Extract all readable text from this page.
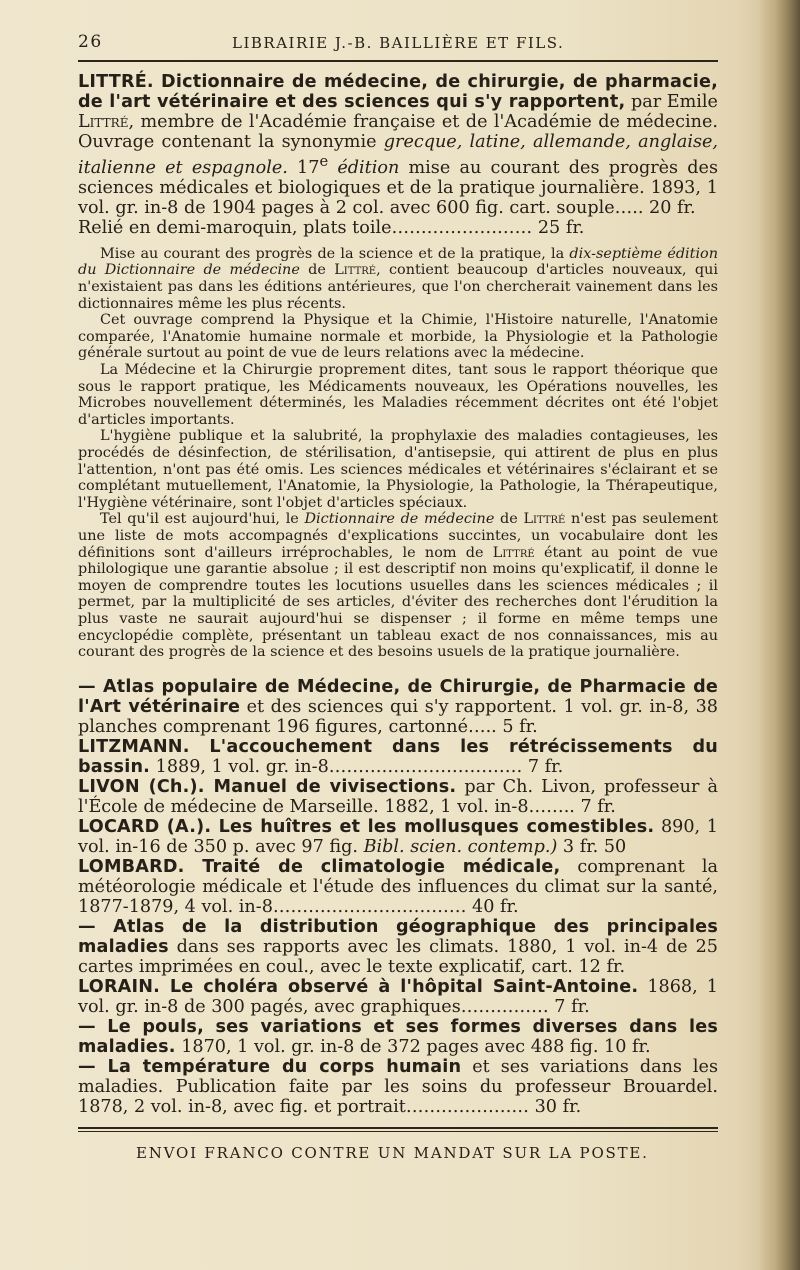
26	LIBRAIRIE J.-B. BAILLIÈRE ET FILS.
LITTRÉ. Dictionnaire de médecine, de chirurgie, de pharmacie, de l'art vétérinaire et des sciences qui s'y rapportent, par Emile Littré, membre de l'Académie française et de l'Académie de médecine. Ouvrage contenant la synonymie grecque, latine, allemande, anglaise, italienne et espagnole. 17e édition mise au courant des progrès des sciences médicales et biologiques et de la pratique journalière. 1893, 1 vol. gr. in-8 de 1904 pages à 2 col. avec 600 fig. cart. souple….. 20 fr.
Relié en demi-maroquin, plats toile…………………… 25 fr.

Mise au courant des progrès de la science et de la pratique, la dix-septième édition du Dictionnaire de médecine de Littré, contient beaucoup d'articles nouveaux, qui n'existaient pas dans les éditions antérieures, que l'on chercherait vainement dans les dictionnaires même les plus récents.

Cet ouvrage comprend la Physique et la Chimie, l'Histoire naturelle, l'Anatomie comparée, l'Anatomie humaine normale et morbide, la Physiologie et la Pathologie générale surtout au point de vue de leurs relations avec la médecine.

La Médecine et la Chirurgie proprement dites, tant sous le rapport théorique que sous le rapport pratique, les Médicaments nouveaux, les Opérations nouvelles, les Microbes nouvellement déterminés, les Maladies récemment décrites ont été l'objet d'articles importants.

L'hygiène publique et la salubrité, la prophylaxie des maladies contagieuses, les procédés de désinfection, de stérilisation, d'antisepsie, qui attirent de plus en plus l'attention, n'ont pas été omis. Les sciences médicales et vétérinaires s'éclairant et se complétant mutuellement, l'Anatomie, la Physiologie, la Pathologie, la Thérapeutique, l'Hygiène vétérinaire, sont l'objet d'articles spéciaux.

Tel qu'il est aujourd'hui, le Dictionnaire de médecine de Littré n'est pas seulement une liste de mots accompagnés d'explications succintes, un vocabulaire dont les définitions sont d'ailleurs irréprochables, le nom de Littré étant au point de vue philologique une garantie absolue ; il est descriptif non moins qu'explicatif, il donne le moyen de comprendre toutes les locutions usuelles dans les sciences médicales ; il permet, par la multiplicité de ses articles, d'éviter des recherches dont l'érudition la plus vaste ne saurait aujourd'hui se dispenser ; il forme en même temps une encyclopédie complète, présentant un tableau exact de nos connaissances, mis au courant des progrès de la science et des besoins usuels de la pratique journalière.

— Atlas populaire de Médecine, de Chirurgie, de Pharmacie de l'Art vétérinaire et des sciences qui s'y rapportent. 1 vol. gr. in-8, 38 planches comprenant 196 figures, cartonné….. 5 fr.

LITZMANN. L'accouchement dans les rétrécissements du bassin. 1889, 1 vol. gr. in-8…………………………… 7 fr.

LIVON (Ch.). Manuel de vivisections. par Ch. Livon, professeur à l'École de médecine de Marseille. 1882, 1 vol. in-8…….. 7 fr.

LOCARD (A.). Les huîtres et les mollusques comestibles. 890, 1 vol. in-16 de 350 p. avec 97 fig. Bibl. scien. contemp.) 3 fr. 50

LOMBARD. Traité de climatologie médicale, comprenant la météorologie médicale et l'étude des influences du climat sur la santé, 1877-1879, 4 vol. in-8…………………………… 40 fr.

— Atlas de la distribution géographique des principales maladies dans ses rapports avec les climats. 1880, 1 vol. in-4 de 25 cartes imprimées en coul., avec le texte explicatif, cart. 12 fr.

LORAIN. Le choléra observé à l'hôpital Saint-Antoine. 1868, 1 vol. gr. in-8 de 300 pagés, avec graphiques…………… 7 fr.

— Le pouls, ses variations et ses formes diverses dans les maladies. 1870, 1 vol. gr. in-8 de 372 pages avec 488 fig. 10 fr.

— La température du corps humain et ses variations dans les maladies. Publication faite par les soins du professeur Brouardel. 1878, 2 vol. in-8, avec fig. et portrait………………… 30 fr.

ENVOI FRANCO CONTRE UN MANDAT SUR LA POSTE.
